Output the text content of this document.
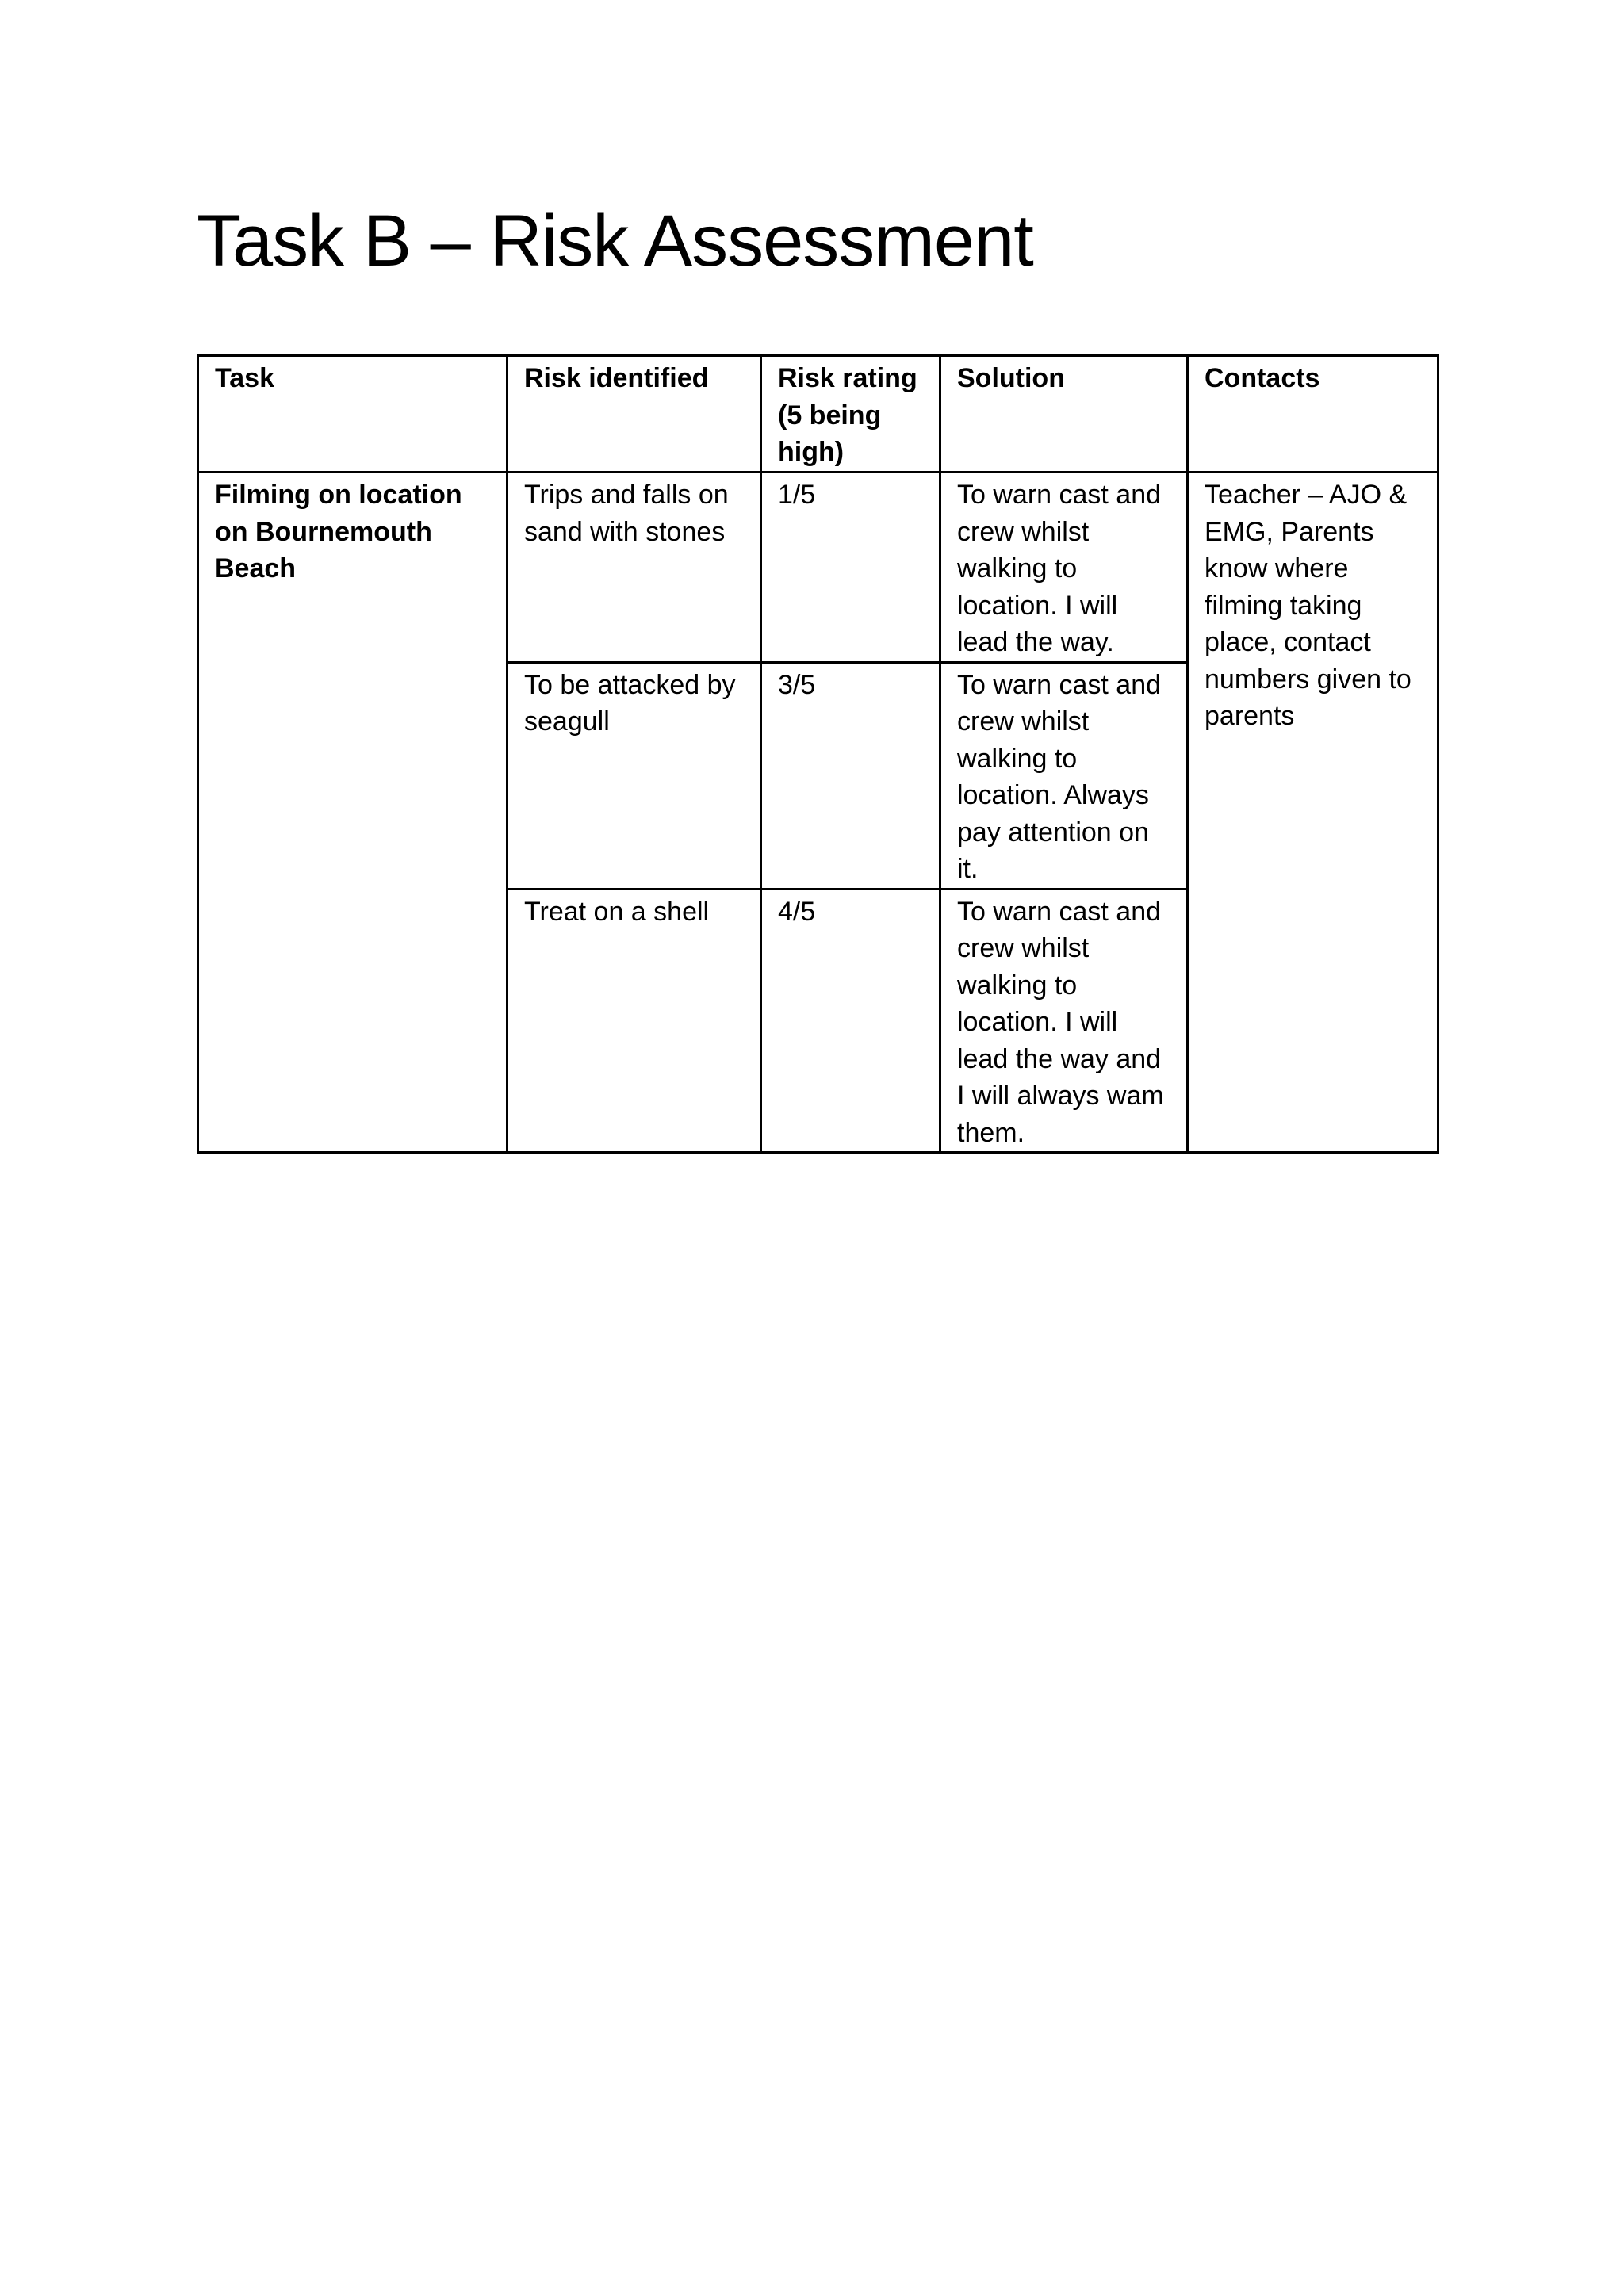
Task B – Risk Assessment
Task	Risk identified	Risk rating (5 being high)	Solution	Contacts
Filming on location on Bournemouth Beach	Trips and falls on sand with stones	1/5	To warn cast and crew whilst walking to location. I will lead the way.	Teacher – AJO & EMG, Parents know where filming taking place, contact numbers given to parents
	To be attacked by seagull	3/5	To warn cast and crew whilst walking to location. Always pay attention on it.	
	Treat on a shell	4/5	To warn cast and crew whilst walking to location. I will lead the way and I will always wam them.	
